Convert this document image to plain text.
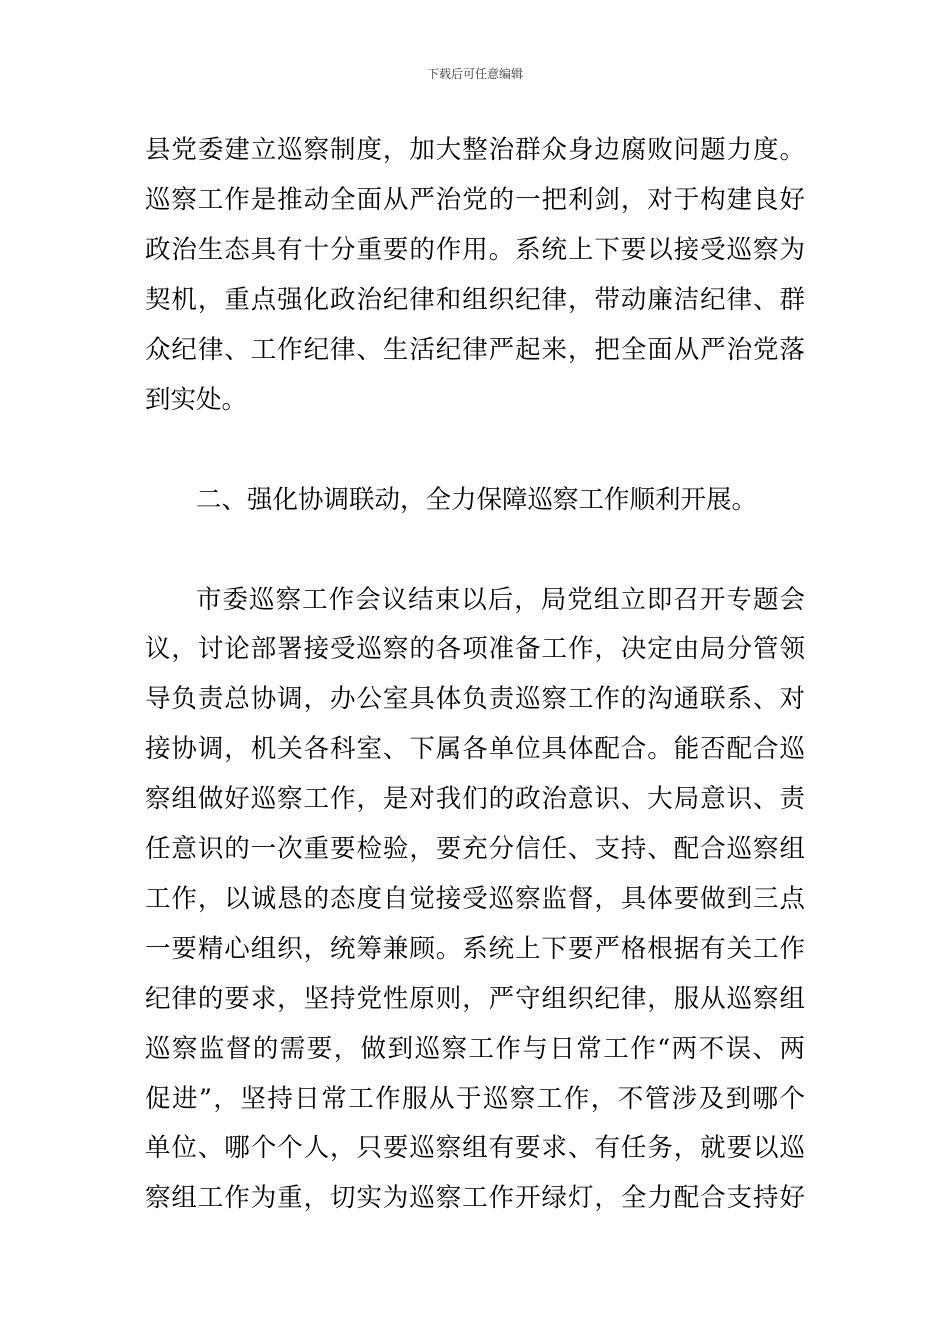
下载后可任意编辑
县党委建立巡察制度，加大整治群众身边腐败问题力度。
巡察工作是推动全面从严治党的一把利剑，对于构建良好
政治生态具有十分重要的作用。系统上下要以接受巡察为
契机，重点强化政治纪律和组织纪律，带动廉洁纪律、群
众纪律、工作纪律、生活纪律严起来，把全面从严治党落
到实处。
二、强化协调联动，全力保障巡察工作顺利开展。
市委巡察工作会议结束以后，局党组立即召开专题会
议，讨论部署接受巡察的各项准备工作，决定由局分管领
导负责总协调，办公室具体负责巡察工作的沟通联系、对
接协调，机关各科室、下属各单位具体配合。能否配合巡
察组做好巡察工作，是对我们的政治意识、大局意识、责
任意识的一次重要检验，要充分信任、支持、配合巡察组
工作，以诚恳的态度自觉接受巡察监督，具体要做到三点
一要精心组织，统筹兼顾。系统上下要严格根据有关工作
纪律的要求，坚持党性原则，严守组织纪律，服从巡察组
巡察监督的需要，做到巡察工作与日常工作“两不误、两
促进”，坚持日常工作服从于巡察工作，不管涉及到哪个
单位、哪个个人，只要巡察组有要求、有任务，就要以巡
察组工作为重，切实为巡察工作开绿灯，全力配合支持好
